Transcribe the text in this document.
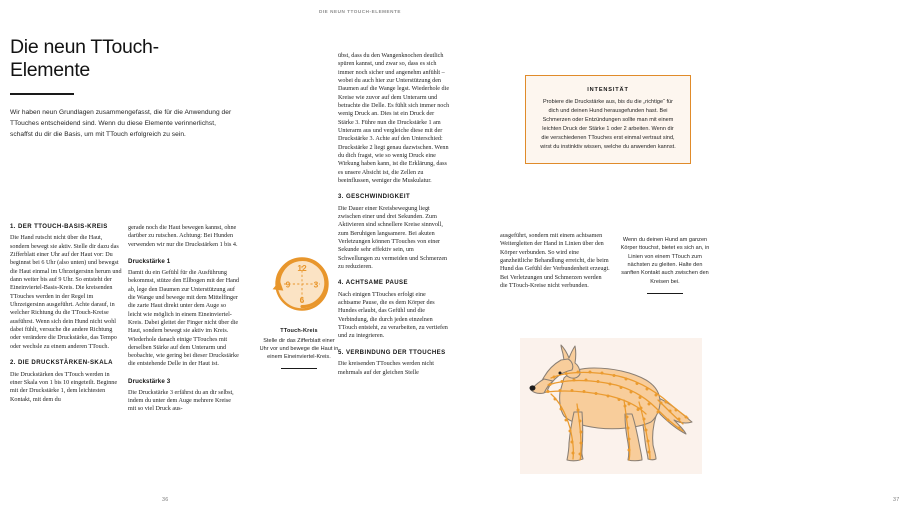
Die neun TTouch-Elemente

Wir haben neun Grundlagen zusammengefasst, die für die Anwendung der TTouches entscheidend sind. Wenn du diese Elemente verinnerlichst, schaffst du dir die Basis, um mit TTouch erfolgreich zu sein.

1. DER TTOUCH-BASIS-KREIS

Die Hand rutscht nicht über die Haut, sondern bewegt sie aktiv. Stelle dir dazu das Zifferblatt einer Uhr auf der Haut vor: Du beginnst bei 6 Uhr (also unten) und bewegst die Haut einmal im Uhrzeigersinn herum und dann weiter bis auf 9 Uhr. So entsteht der Eineinviertel-Basis-Kreis. Die kreisenden TTouches werden in der Regel im Uhrzeigersinn ausgeführt. Achte darauf, in welcher Richtung du die TTouch-Kreise ausführst. Wenn sich dein Hund nicht wohl dabei fühlt, versuche die andere Richtung oder verändere die Druckstärke, das Tempo oder wechsle zu einem anderen TTouch.

2. DIE DRUCKSTÄRKEN-SKALA

Die Druckstärken des TTouch werden in einer Skala von 1 bis 10 eingeteilt. Beginne mit der Druckstärke 1, dem leichtesten Kontakt, mit dem du

gerade noch die Haut bewegen kannst, ohne darüber zu rutschen. Achtung: Bei Hunden verwenden wir nur die Druckstärken 1 bis 4.

Druckstärke 1

Damit du ein Gefühl für die Ausführung bekommst, stütze den Ellbogen mit der Hand ab, lege den Daumen zur Unterstützung auf die Wange und bewege mit dem Mittelfinger die zarte Haut direkt unter dem Auge so leicht wie möglich in einem Eineinviertel-Kreis. Dabei gleitet der Finger nicht über die Haut, sondern bewegt sie aktiv im Kreis. Wiederhole danach einige TTouches mit derselben Stärke auf dem Unterarm und beobachte, wie gering bei dieser Druckstärke die entstehende Delle in der Haut ist.

Druckstärke 3

Die Druckstärke 3 erfährst du an dir selbst, indem du unter dem Auge mehrere Kreise mit so viel Druck aus-

12
9	3
6
TTouch-Kreis
Stelle dir das Zifferblatt einer Uhr vor und bewege die Haut in einem Eineinviertel-Kreis.
36	37
DIE NEUN TTOUCH-ELEMENTE

übst, dass du den Wangenknochen deutlich spüren kannst, und zwar so, dass es sich immer noch sicher und angenehm anfühlt – wobei du auch hier zur Unterstützung den Daumen auf die Wange legst. Wiederhole die Kreise wie zuvor auf dem Unterarm und betrachte die Delle. Es fühlt sich immer noch wenig Druck an. Dies ist ein Druck der Stärke 3. Führe nun die Druckstärke 1 am Unterarm aus und vergleiche diese mit der Druckstärke 3. Achte auf den Unterschied: Druckstärke 2 liegt genau dazwischen. Wenn du dich fragst, wie so wenig Druck eine Wirkung haben kann, ist die Erklärung, dass es unsere Absicht ist, die Zellen zu beeinflussen, weniger die Muskulatur.

3. GESCHWINDIGKEIT

Die Dauer einer Kreisbewegung liegt zwischen einer und drei Sekunden. Zum Aktivieren sind schnellere Kreise sinnvoll, zum Beruhigen langsamere. Bei akuten Verletzungen können TTouches von einer Sekunde sehr effektiv sein, um Schwellungen zu vermeiden und Schmerzen zu reduzieren.

4. ACHTSAME PAUSE

Nach einigen TTouches erfolgt eine achtsame Pause, die es dem Körper des Hundes erlaubt, das Gefühl und die Verbindung, die durch jeden einzelnen TTouch entsteht, zu verarbeiten, zu vertiefen und zu integrieren.

5. VERBINDUNG DER TTOUCHES

Die kreisenden TTouches werden nicht mehrmals auf der gleichen Stelle

ausgeführt, sondern mit einem achtsamen Weitergleiten der Hand in Linien über den Körper verbunden. So wird eine ganzheitliche Behandlung erreicht, die beim Hund das Gefühl der Verbundenheit erzeugt. Bei Verletzungen und Schmerzen werden die TTouch-Kreise nicht verbunden.

INTENSITÄT
Probiere die Druckstärke aus, bis du die „richtige“ für dich und deinen Hund herausgefunden hast. Bei Schmerzen oder Entzündungen sollte man mit einem leichten Druck der Stärke 1 oder 2 arbeiten. Wenn dir die verschiedenen TTouches erst einmal vertraut sind, wirst du instinktiv wissen, welche du anwenden kannst.
Wenn du deinen Hund am ganzen Körper ttouchst, bietet es sich an, in Linien von einem TTouch zum nächsten zu gleiten. Halte den sanften Kontakt auch zwischen den Kreisen bei.
